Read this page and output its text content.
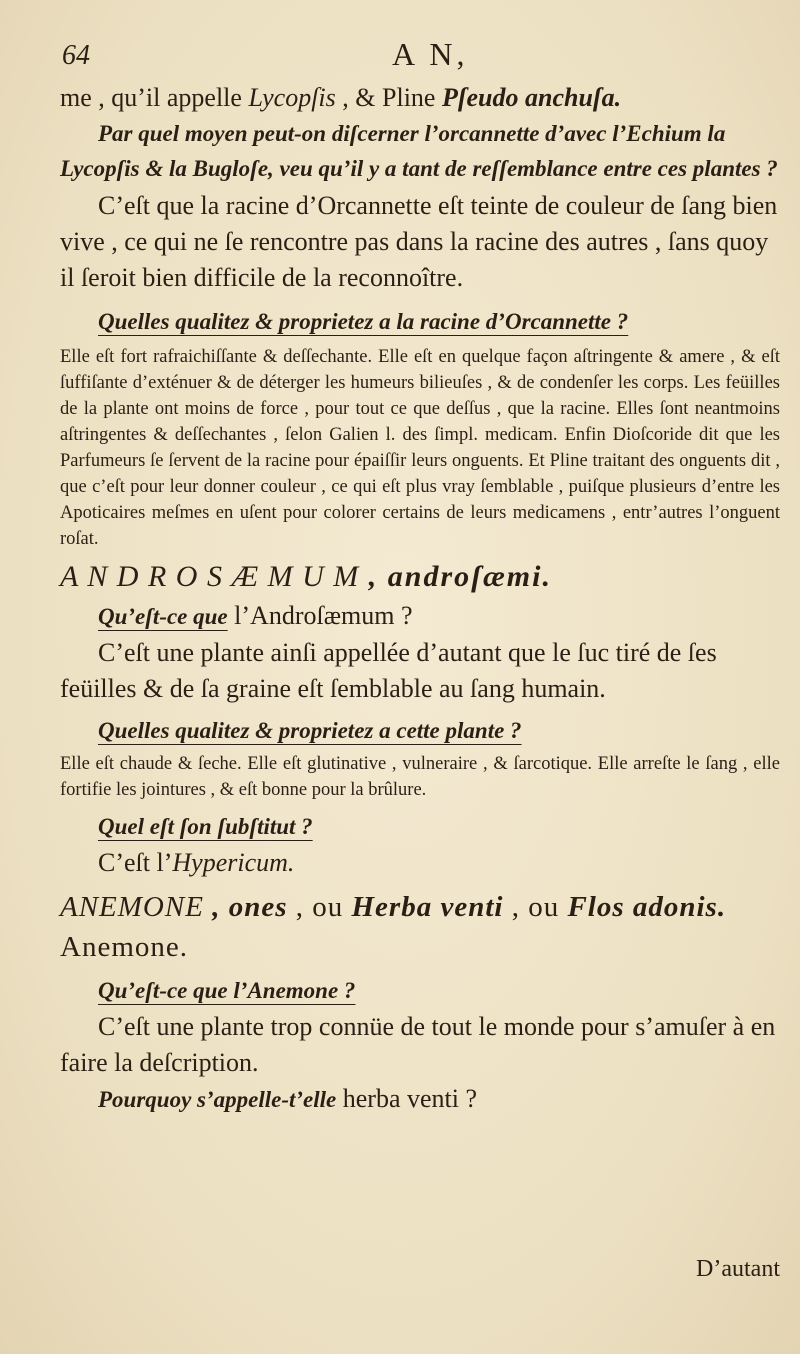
64	A N,

me , qu’il appelle Lycopſis , & Pline Pſeudo anchuſa.

Par quel moyen peut-on diſcerner l’orcannette d’avec l’Echium la Lycopſis & la Bugloſe, veu qu’il y a tant de reſſemblance entre ces plantes ?

C’eſt que la racine d’Orcannette eſt teinte de couleur de ſang bien vive , ce qui ne ſe rencontre pas dans la racine des autres , ſans quoy il ſeroit bien difficile de la reconnoître.

Quelles qualitez & proprietez a la racine d’Orcannette ?

Elle eſt fort rafraichiſſante & deſſechante. Elle eſt en quelque façon aſtringente & amere , & eſt ſuffiſante d’exténuer & de déterger les humeurs bilieuſes , & de condenſer les corps. Les feüilles de la plante ont moins de force , pour tout ce que deſſus , que la racine. Elles ſont neantmoins aſtringentes & deſſechantes , ſelon Galien l. des ſimpl. medicam. Enfin Dioſcoride dit que les Parfumeurs ſe ſervent de la racine pour épaiſſir leurs onguents. Et Pline traitant des onguents dit , que c’eſt pour leur donner couleur , ce qui eſt plus vray ſemblable , puiſque plusieurs d’entre les Apoticaires meſmes en uſent pour colorer certains de leurs medicamens , entr’autres l’onguent roſat.

A N D R O S Æ M U M , androſæmi.

Qu’eſt-ce que l’Androſæmum ?

C’eſt une plante ainſi appellée d’autant que le ſuc tiré de ſes feüilles & de ſa graine eſt ſemblable au ſang humain.

Quelles qualitez & proprietez a cette plante ?

Elle eſt chaude & ſeche. Elle eſt glutinative , vulneraire , & ſarcotique. Elle arreſte le ſang , elle fortifie les jointures , & eſt bonne pour la brûlure.

Quel eſt ſon ſubſtitut ?

C’eſt l’Hypericum.

ANEMONE , ones , ou Herba venti , ou Flos adonis. Anemone.

Qu’eſt-ce que l’Anemone ?

C’eſt une plante trop connüe de tout le monde pour s’amuſer à en faire la deſcription.

Pourquoy s’appelle-t’elle herba venti ?

D’autant
